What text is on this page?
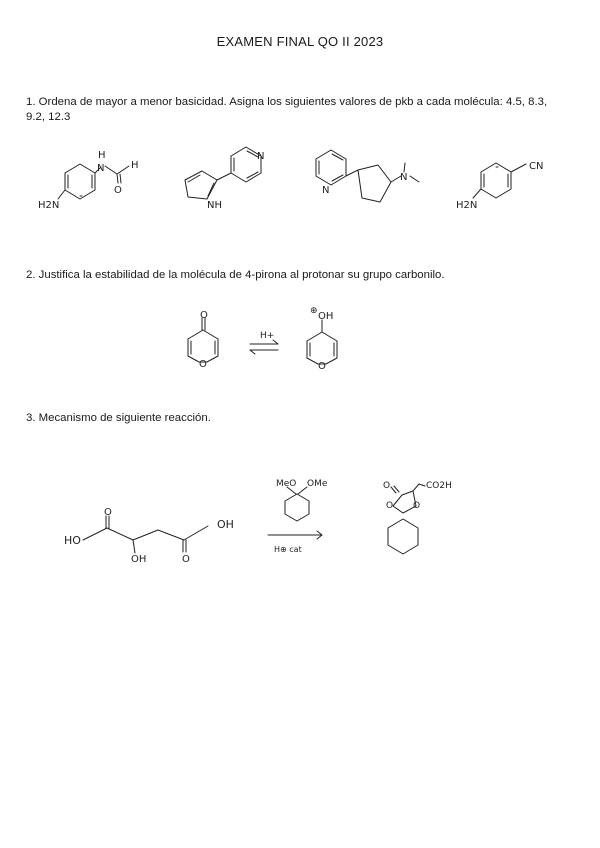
EXAMEN FINAL QO II 2023
1. Ordena de mayor a menor basicidad. Asigna los siguientes valores de pkb a cada molécula: 4.5, 8.3, 9.2, 12.3
2. Justifica la estabilidad de la molécula de 4-pirona al protonar su grupo carbonilo.
3. Mecanismo de siguiente reacción.
H
N	H
O
H2N
N
NH
N
N
CN
H2N
O
O
H+
⊕ OH
O
HO
OH
OH
O
O
MeO OMe
H⊕ cat
O	CO2H
O O
